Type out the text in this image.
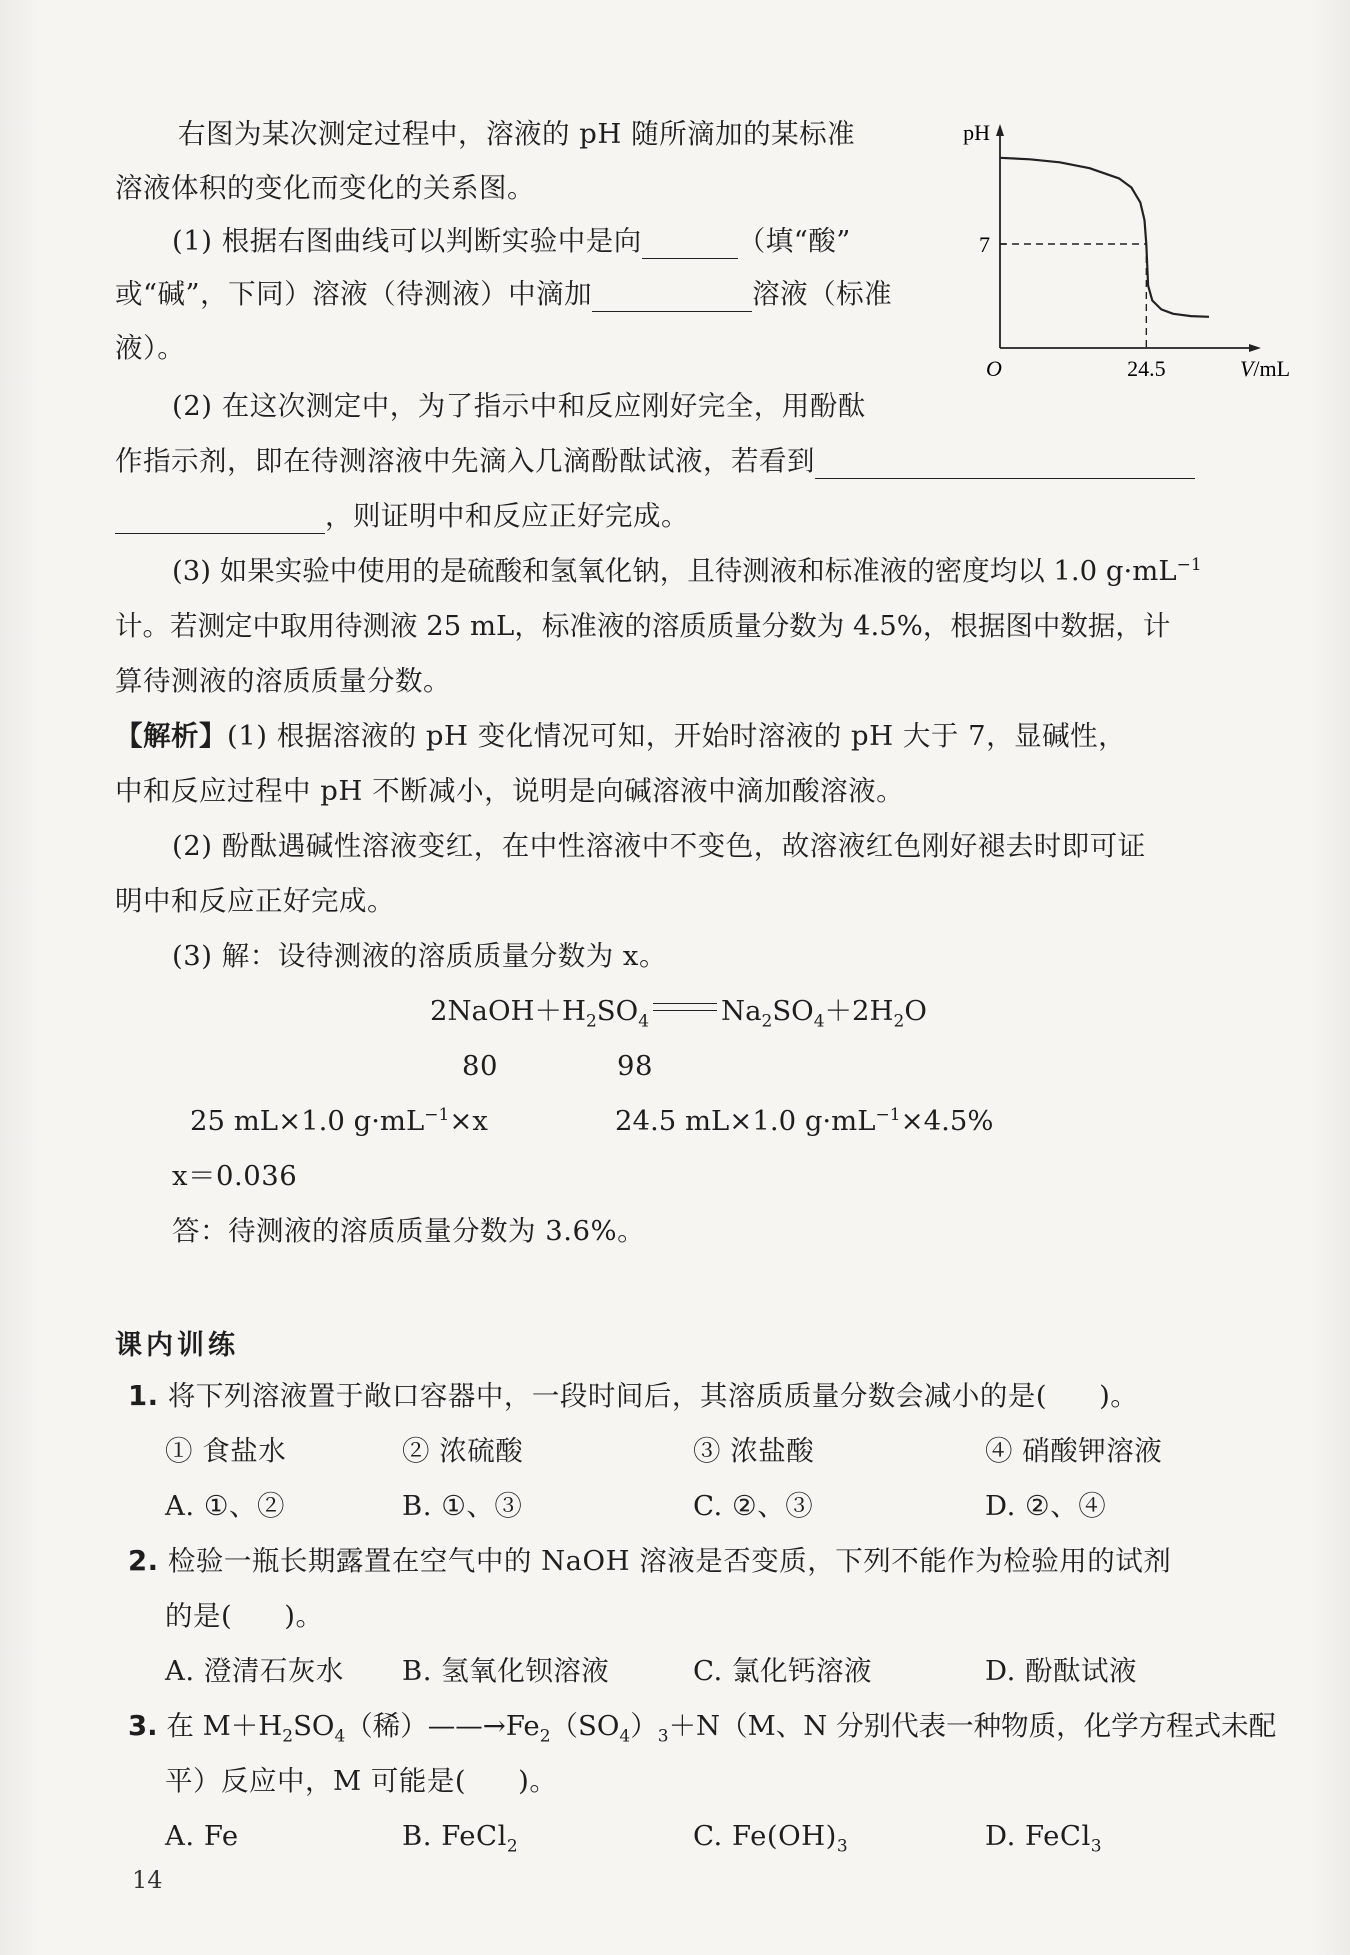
右图为某次测定过程中，溶液的 pH 随所滴加的某标准
溶液体积的变化而变化的关系图。
(1) 根据右图曲线可以判断实验中是向	（填“酸”
或“碱”，下同）溶液（待测液）中滴加	溶液（标准
液）。
(2) 在这次测定中，为了指示中和反应刚好完全，用酚酞
作指示剂，即在待测溶液中先滴入几滴酚酞试液，若看到
，则证明中和反应正好完成。
(3) 如果实验中使用的是硫酸和氢氧化钠，且待测液和标准液的密度均以 1.0 $g\cdot mL^{-1}$
计。若测定中取用待测液 25 mL，标准液的溶质质量分数为 4.5%，根据图中数据，计
算待测液的溶质质量分数。
pH
7
O	24.5	V/mL
【解析】(1) 根据溶液的 pH 变化情况可知，开始时溶液的 pH 大于 7，显碱性，
中和反应过程中 pH 不断减小，说明是向碱溶液中滴加酸溶液。
(2) 酚酞遇碱性溶液变红，在中性溶液中不变色，故溶液红色刚好褪去时即可证
明中和反应正好完成。
(3) 解：设待测液的溶质质量分数为 x。
$2NaOH+H_2SO_4$	$Na_2SO_4+2H_2O$
80	98
25 mL×1.0 $g\cdot mL^{-1}\times x$	24.5 mL×1.0 $g\cdot mL^{-1}\times 4.5\%$
x＝0.036
答：待测液的溶质质量分数为 3.6%。
课内训练
1. 将下列溶液置于敞口容器中，一段时间后，其溶质质量分数会减小的是( )。
① 食盐水	② 浓硫酸	③ 浓盐酸	④ 硝酸钾溶液
A. ①、②	B. ①、③	C. ②、③	D. ②、④
2. 检验一瓶长期露置在空气中的 NaOH 溶液是否变质，下列不能作为检验用的试剂
的是( )。
A. 澄清石灰水 B. 氢氧化钡溶液	C. 氯化钙溶液	D. 酚酞试液
3. 在 $M+H_2SO_4$（稀）$——\to Fe_2(SO_4)_3+N(M$、N 分别代表一种物质，化学方程式未配
平）反应中，M 可能是( )。
A. Fe	B. FeCl$_2$	C. $Fe(OH)_3$	D. FeCl$_3$
14
